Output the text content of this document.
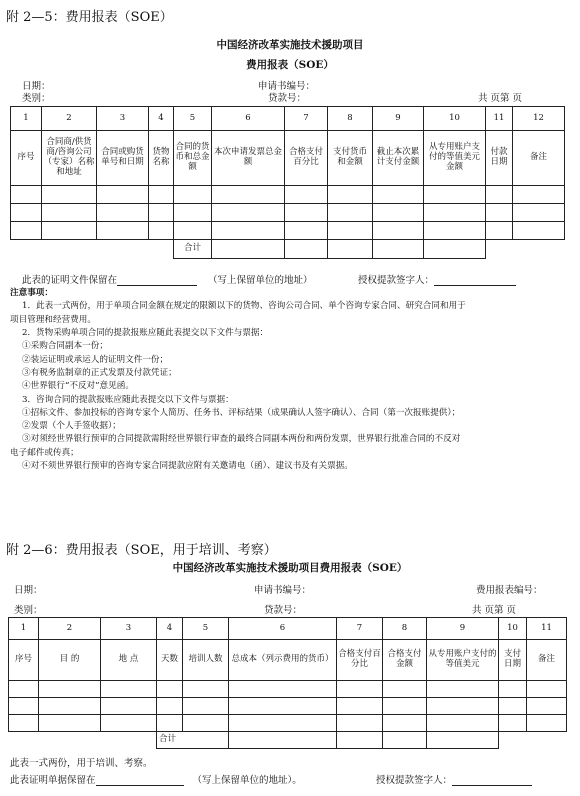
附 2—5：费用报表（SOE）
中国经济改革实施技术援助项目
费用报表（SOE）
日期：
类别：
申请书编号：
贷款号：	共 页第 页
1	2	3	4	5	6	7	8	9	10	11	12
序号	合同商/供货商/咨询公司（专家）名称和地址	合同或购货单号和日期	货物名称	合同的货币和总金额	本次申请发票总金额	合格支付百分比	支付货币和金额	截止本次累计支付金额	从专用账户支付的等值美元金额	付款日期	备注

				合计							
此表的证明文件保留在	（写上保留单位的地址）	授权提款签字人：
注意事项：
1．此表一式两份，用于单项合同金额在规定的限额以下的货物、咨询公司合同、单个咨询专家合同、研究合同和用于
项目管理和经营费用。
2．货物采购单项合同的提款报账应随此表提交以下文件与票据：
①采购合同副本一份；
②装运证明或承运人的证明文件一份；
③有税务监制章的正式发票及付款凭证；
④世界银行“不反对”意见函。
3．咨询合同的提款报账应随此表提交以下文件与票据：
①招标文件、参加投标的咨询专家个人简历、任务书、评标结果（成果确认人签字确认）、合同（第一次报账提供）；
②发票（个人手签收据）；
③对须经世界银行预审的合同提款需附经世界银行审查的最终合同副本两份和两份发票，世界银行批准合同的不反对
电子邮件或传真；
④对不须世界银行预审的咨询专家合同提款应附有关邀请电（函）、建议书及有关票据。
附 2—6：费用报表（SOE，用于培训、考察）
中国经济改革实施技术援助项目费用报表（SOE）
日期：	申请书编号：	费用报表编号：
类别：	贷款号：	共 页第 页
1	2	3	4	5	6	7	8	9	10	11
序号	目 的	地 点	天数	培训人数	总成本（列示费用的货币）	合格支付百分比	合格支付金额	从专用账户支付的等值美元	支付日期	备注

			合计							
此表一式两份，用于培训、考察。
此表证明单据保留在	（写上保留单位的地址）。	授权提款签字人：
